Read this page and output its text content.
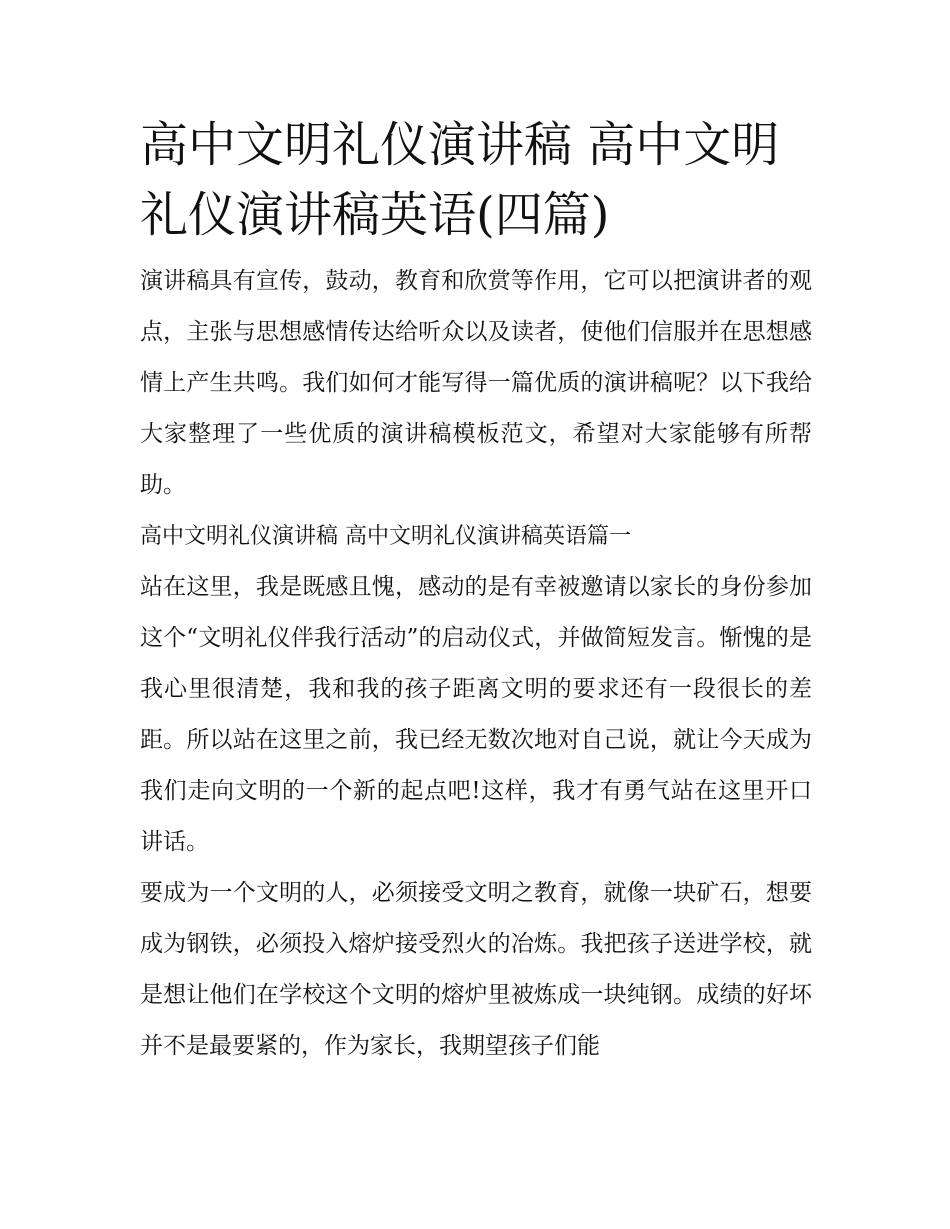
高中文明礼仪演讲稿 高中文明礼仪演讲稿英语(四篇)

演讲稿具有宣传，鼓动，教育和欣赏等作用，它可以把演讲者的观点，主张与思想感情传达给听众以及读者，使他们信服并在思想感情上产生共鸣。我们如何才能写得一篇优质的演讲稿呢？以下我给大家整理了一些优质的演讲稿模板范文，希望对大家能够有所帮助。

高中文明礼仪演讲稿 高中文明礼仪演讲稿英语篇一

站在这里，我是既感且愧，感动的是有幸被邀请以家长的身份参加这个“文明礼仪伴我行活动”的启动仪式，并做简短发言。惭愧的是我心里很清楚，我和我的孩子距离文明的要求还有一段很长的差距。所以站在这里之前，我已经无数次地对自己说，就让今天成为我们走向文明的一个新的起点吧!这样，我才有勇气站在这里开口讲话。

要成为一个文明的人，必须接受文明之教育，就像一块矿石，想要成为钢铁，必须投入熔炉接受烈火的冶炼。我把孩子送进学校，就是想让他们在学校这个文明的熔炉里被炼成一块纯钢。成绩的好坏并不是最要紧的，作为家长，我期望孩子们能
